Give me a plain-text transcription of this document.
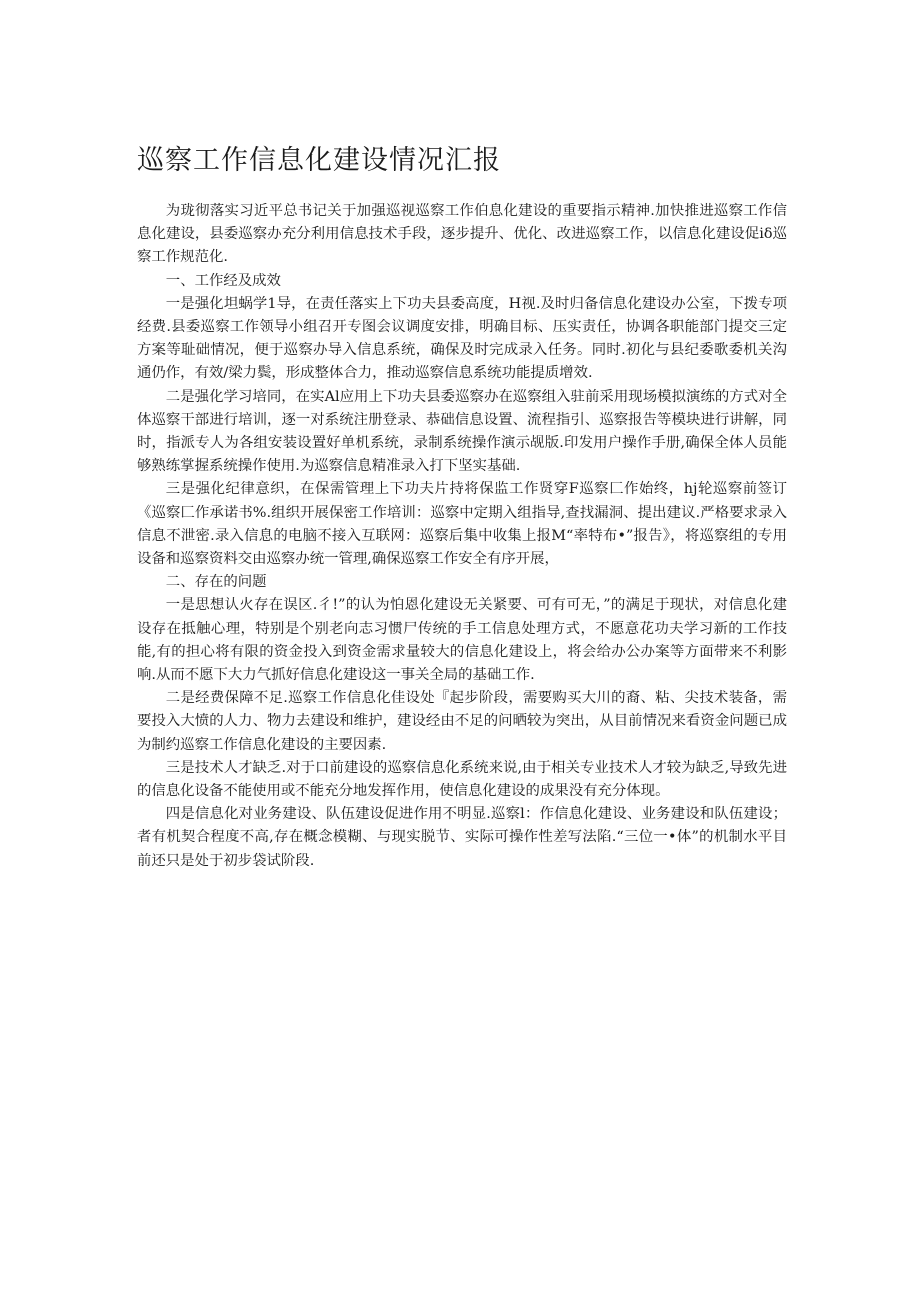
巡察工作信息化建设情况汇报

为珑彻落实习近平总书记关于加强巡视巡察工作伯息化建设的重要指示精神.加快推进巡察工作信息化建设，县委巡察办充分利用信息技术手段，逐步提升、优化、改进巡察工作，以信息化建设促iδ巡察工作规范化.

一、工作经及成效

一是强化坦蜗学1导，在责任落实上下功夫县委高度，H视.及时归备信息化建设办公室，下拨专项经费.县委巡察工作领导小组召开专图会议调度安排，明确目标、压实责任，协调各职能部门提交三定方案等耻础情况，便于巡察办导入信息系统，确保及时完成录入任务。同时.初化与县纪委歌委机关沟通仍作，有效/梁力鬓，形成整体合力，推动巡察信息系统功能提质增效.

二是强化学习培同，在实Al应用上下功夫县委巡察办在巡察组入驻前采用现场模拟演练的方式对全体巡察干部进行培训，逐一对系统注册登录、恭础信息设置、流程指引、巡察报告等模块进行讲解，同时，指派专人为各组安装设置好单机系统，录制系统操作演示觇版.印发用户操作手册,确保全体人员能够熟练掌握系统操作使用.为巡察信息精准录入打下坚实基础.

三是强化纪律意织，在保需管理上下功夫片持将保监工作贤穿F巡察匚作始终，hj轮巡察前签订《巡察匚作承诺书%.组织开展保密工作培训：巡察中定期入组指导,查找漏洞、提出建议.严格要求录入信息不泄密.录入信息的电脑不接入互联网：巡察后集中收集上报M“率特布•”报告》，将巡察组的专用设备和巡察资料交由巡察办统一管理,确保巡察工作安全有序开展，

二、存在的问题

一是思想认火存在误区.彳!”的认为怕恩化建设无关紧要、可有可无，”的满足于现状，对信息化建设存在抵触心理，特别是个别老向志习惯尸传统的手工信息处理方式，不愿意花功夫学习新的工作技能,有的担心将有限的资金投入到资金需求量较大的信息化建设上，将会给办公办案等方面带来不利影响.从而不愿下大力气抓好信息化建设这一事关全局的基础工作.

二是经费保障不足.巡察工作信息化佳设处『起步阶段，需要购买大川的裔、粘、尖技术装备，需要投入大愤的人力、物力去建设和维护，建设经由不足的问晒较为突出，从目前情况来看资金问题已成为制约巡察工作信息化建设的主要因素.

三是技术人才缺乏.对于口前建设的巡察信息化系统来说,由于相关专业技术人才较为缺乏,导致先进的信息化设备不能使用或不能充分地发挥作用，使信息化建设的成果没有充分体现。

四是信息化对业务建设、队伍建设促进作用不明显.巡察l：作信息化建设、业务建设和队伍建设；者有机契合程度不高,存在概念模糊、与现实脱节、实际可操作性差写法陷.“三位一•体”的机制水平目前还只是处于初步袋试阶段.
